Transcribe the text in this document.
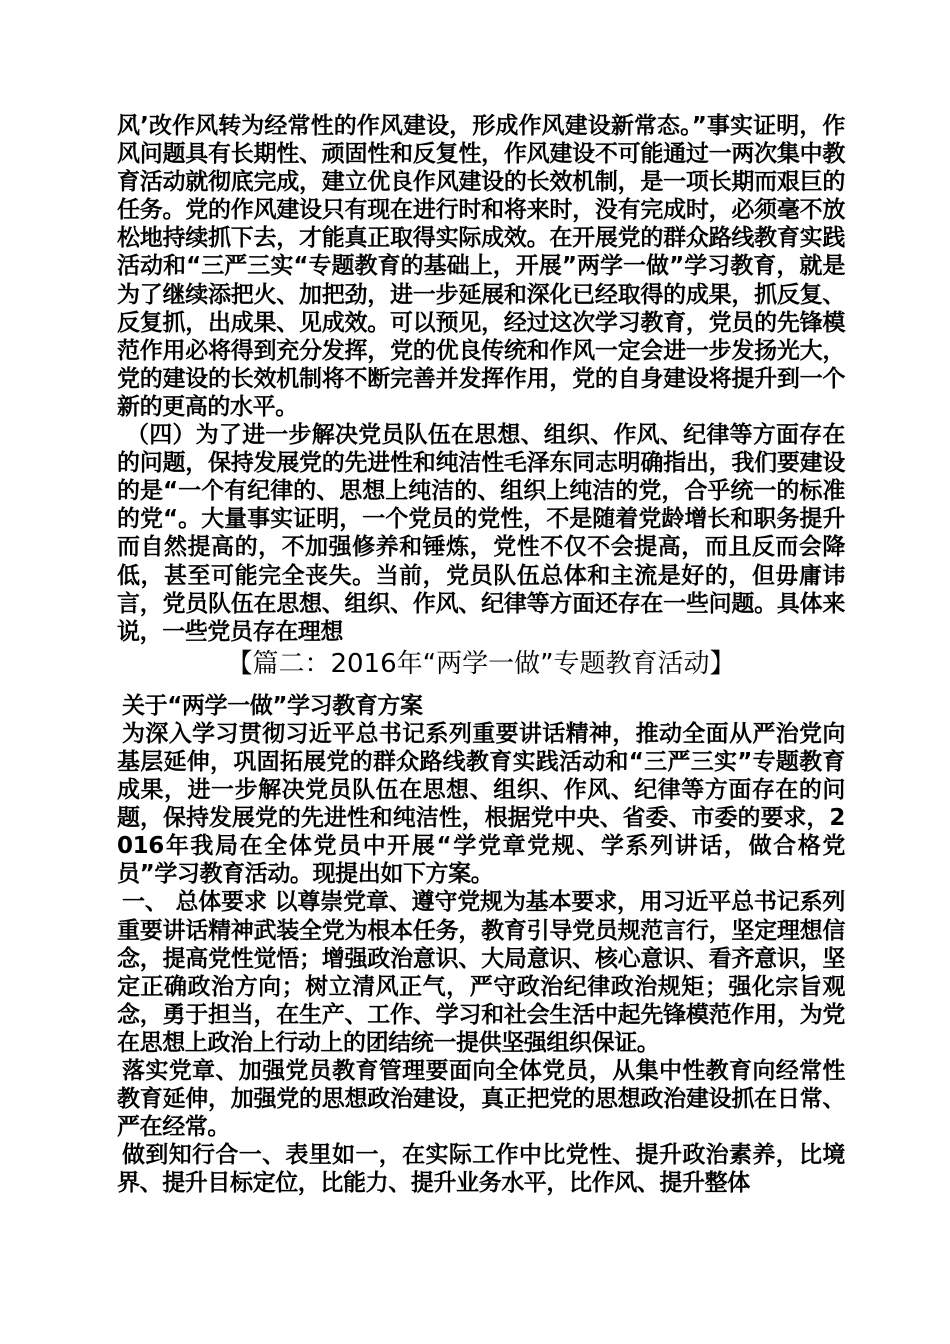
风’改作风转为经常性的作风建设，形成作风建设新常态。”事实证明，作风问题具有长期性、顽固性和反复性，作风建设不可能通过一两次集中教育活动就彻底完成，建立优良作风建设的长效机制，是一项长期而艰巨的任务。党的作风建设只有现在进行时和将来时，没有完成时，必须毫不放松地持续抓下去，才能真正取得实际成效。在开展党的群众路线教育实践活动和“三严三实“专题教育的基础上，开展”两学一做”学习教育，就是为了继续添把火、加把劲，进一步延展和深化已经取得的成果，抓反复、反复抓，出成果、见成效。可以预见，经过这次学习教育，党员的先锋模范作用必将得到充分发挥，党的优良传统和作风一定会进一步发扬光大，党的建设的长效机制将不断完善并发挥作用，党的自身建设将提升到一个新的更高的水平。

（四）为了进一步解决党员队伍在思想、组织、作风、纪律等方面存在的问题，保持发展党的先进性和纯洁性毛泽东同志明确指出，我们要建设的是“一个有纪律的、思想上纯洁的、组织上纯洁的党，合乎统一的标准的党“。大量事实证明，一个党员的党性，不是随着党龄增长和职务提升而自然提高的，不加强修养和锤炼，党性不仅不会提高，而且反而会降低，甚至可能完全丧失。当前，党员队伍总体和主流是好的，但毋庸讳言，党员队伍在思想、组织、作风、纪律等方面还存在一些问题。具体来说，一些党员存在理想

【篇二：2016年“两学一做”专题教育活动】

关于“两学一做”学习教育方案

为深入学习贯彻习近平总书记系列重要讲话精神，推动全面从严治党向基层延伸，巩固拓展党的群众路线教育实践活动和“三严三实”专题教育成果，进一步解决党员队伍在思想、组织、作风、纪律等方面存在的问题，保持发展党的先进性和纯洁性，根据党中央、省委、市委的要求，2016年我局在全体党员中开展“学党章党规、学系列讲话，做合格党员”学习教育活动。现提出如下方案。

一、 总体要求 以尊崇党章、遵守党规为基本要求，用习近平总书记系列重要讲话精神武装全党为根本任务，教育引导党员规范言行，坚定理想信念，提高党性觉悟；增强政治意识、大局意识、核心意识、看齐意识，坚定正确政治方向；树立清风正气，严守政治纪律政治规矩；强化宗旨观念，勇于担当，在生产、工作、学习和社会生活中起先锋模范作用，为党在思想上政治上行动上的团结统一提供坚强组织保证。

落实党章、加强党员教育管理要面向全体党员，从集中性教育向经常性教育延伸，加强党的思想政治建设，真正把党的思想政治建设抓在日常、严在经常。

做到知行合一、表里如一，在实际工作中比党性、提升政治素养，比境界、提升目标定位，比能力、提升业务水平，比作风、提升整体
